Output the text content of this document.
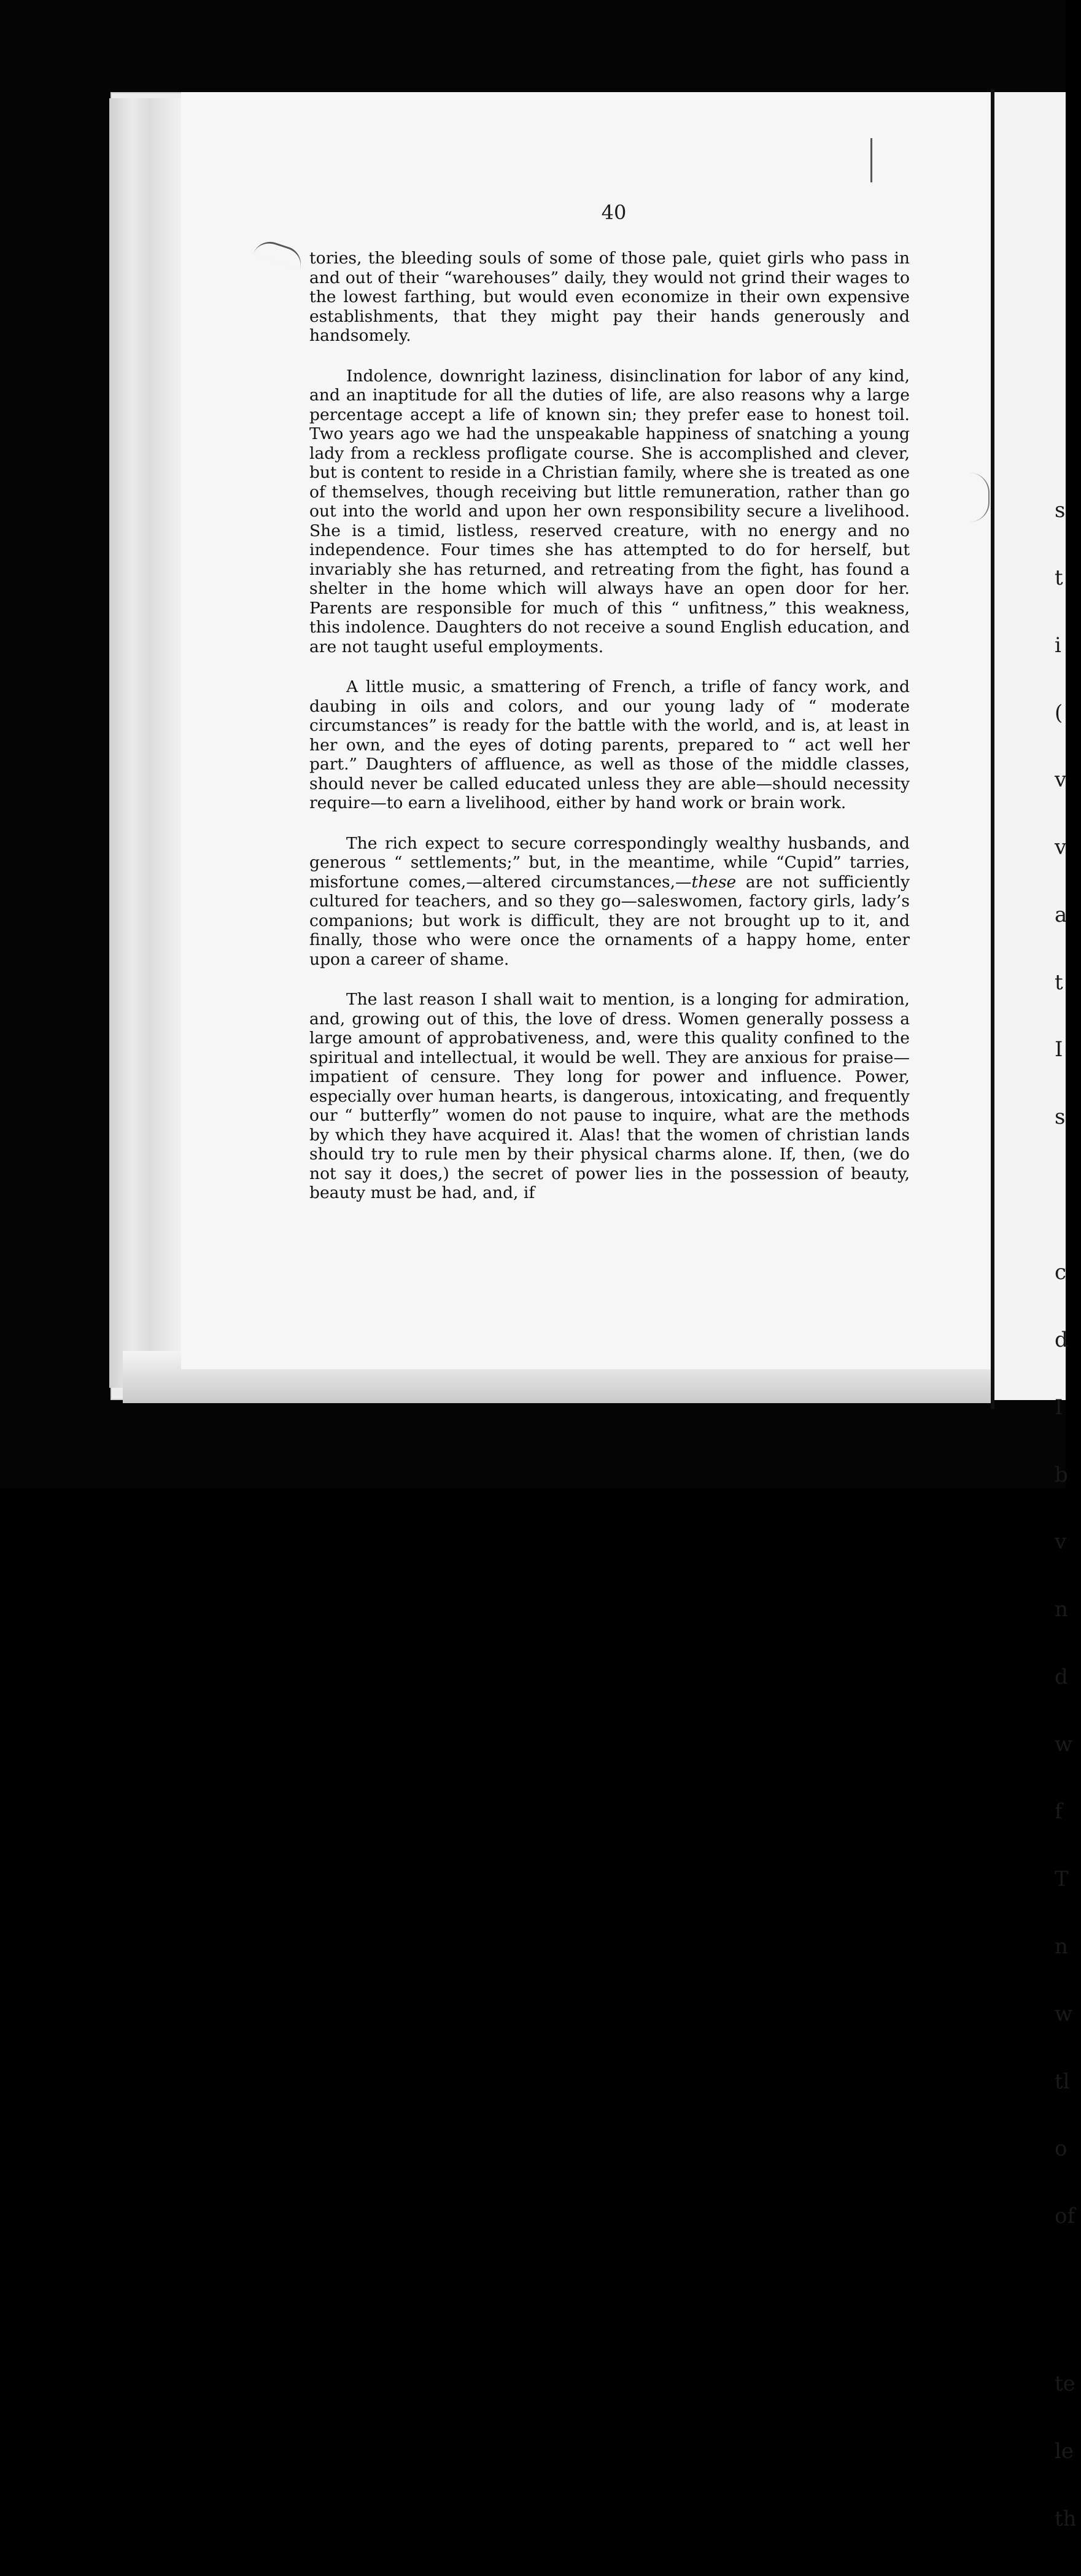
40

tories, the bleeding souls of some of those pale, quiet girls who pass in and out of their “warehouses” daily, they would not grind their wages to the lowest farthing, but would even economize in their own expensive establishments, that they might pay their hands generously and handsomely.

Indolence, downright laziness, disinclination for labor of any kind, and an inaptitude for all the duties of life, are also reasons why a large percentage accept a life of known sin; they prefer ease to honest toil. Two years ago we had the unspeakable happiness of snatching a young lady from a reckless profligate course. She is accomplished and clever, but is content to reside in a Christian family, where she is treated as one of themselves, though receiving but little remuneration, rather than go out into the world and upon her own responsibility secure a livelihood. She is a timid, listless, reserved creature, with no energy and no independence. Four times she has attempted to do for herself, but invariably she has returned, and retreating from the fight, has found a shelter in the home which will always have an open door for her. Parents are responsible for much of this “ unfitness,” this weakness, this indolence. Daughters do not receive a sound English education, and are not taught useful employments.

A little music, a smattering of French, a trifle of fancy work, and daubing in oils and colors, and our young lady of “ moderate circumstances” is ready for the battle with the world, and is, at least in her own, and the eyes of doting parents, prepared to “ act well her part.” Daughters of affluence, as well as those of the middle classes, should never be called educated unless they are able—should necessity require—to earn a livelihood, either by hand work or brain work.

The rich expect to secure correspondingly wealthy husbands, and generous “ settlements;” but, in the meantime, while “Cupid” tarries, misfortune comes,—altered circumstances,—these are not sufficiently cultured for teachers, and so they go—saleswomen, factory girls, lady’s companions; but work is difficult, they are not brought up to it, and finally, those who were once the ornaments of a happy home, enter upon a career of shame.

The last reason I shall wait to mention, is a longing for admiration, and, growing out of this, the love of dress. Women generally possess a large amount of approbativeness, and, were this quality confined to the spiritual and intellectual, it would be well. They are anxious for praise—impatient of censure. They long for power and influence. Power, especially over human hearts, is dangerous, intoxicating, and frequently our “ butterfly” women do not pause to inquire, what are the methods by which they have acquired it. Alas! that the women of christian lands should try to rule men by their physical charms alone. If, then, (we do not say it does,) the secret of power lies in the possession of beauty, beauty must be had, and, if

s

t

i

(

v

v

a

t

I

s

c

d

I

b

v

n

d

w

f

T

n

w

tl

o

of

te

le

th
